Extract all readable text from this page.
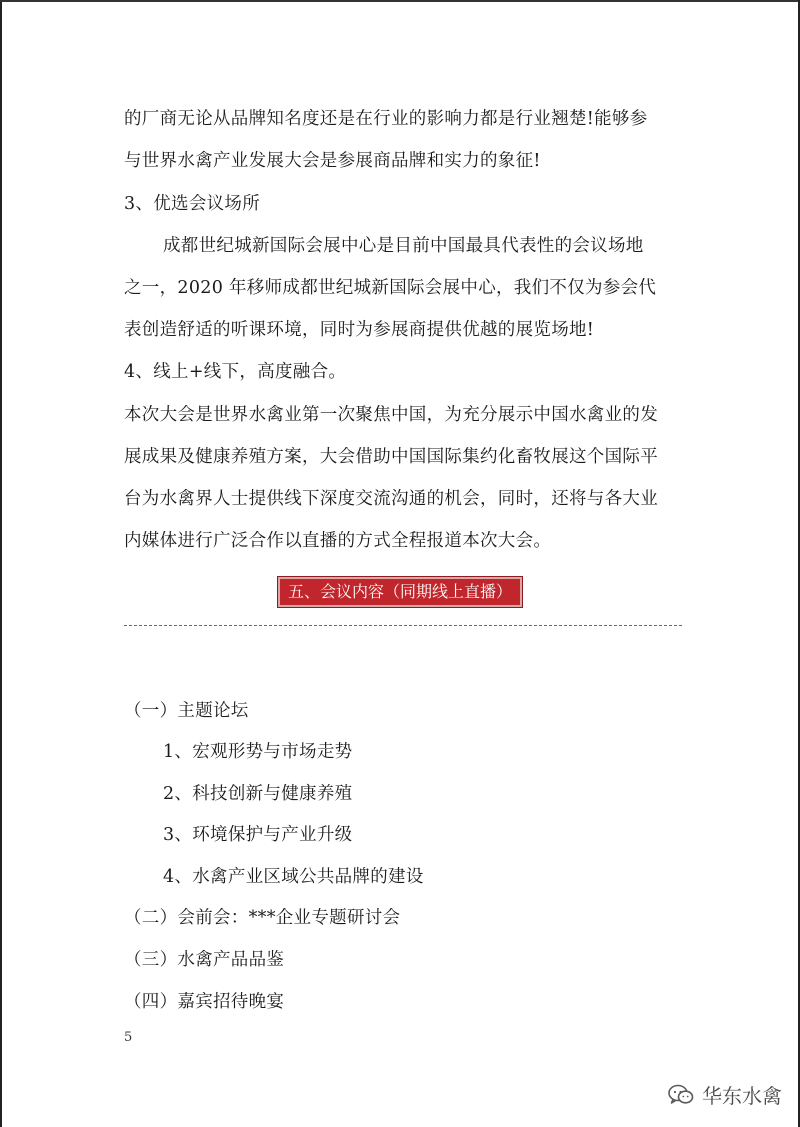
的厂商无论从品牌知名度还是在行业的影响力都是行业翘楚!能够参
与世界水禽产业发展大会是参展商品牌和实力的象征!
3、优选会议场所
成都世纪城新国际会展中心是目前中国最具代表性的会议场地
之一，2020 年移师成都世纪城新国际会展中心，我们不仅为参会代
表创造舒适的听课环境，同时为参展商提供优越的展览场地!
4、线上+线下，高度融合。
本次大会是世界水禽业第一次聚焦中国，为充分展示中国水禽业的发
展成果及健康养殖方案，大会借助中国国际集约化畜牧展这个国际平
台为水禽界人士提供线下深度交流沟通的机会，同时，还将与各大业
内媒体进行广泛合作以直播的方式全程报道本次大会。
五、会议内容（同期线上直播）
（一）主题论坛
1、宏观形势与市场走势
2、科技创新与健康养殖
3、环境保护与产业升级
4、水禽产业区域公共品牌的建设
（二）会前会：***企业专题研讨会
（三）水禽产品品鉴
（四）嘉宾招待晚宴
5
华东水禽
